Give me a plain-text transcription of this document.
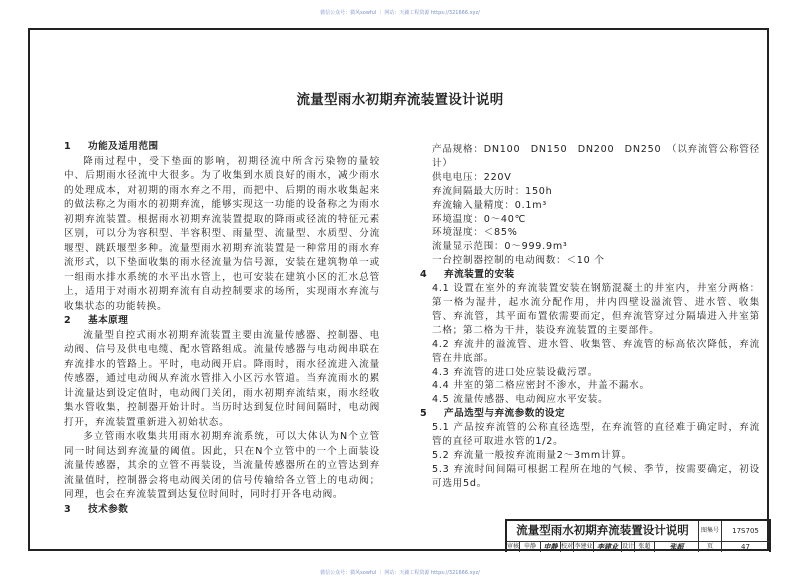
微信公众号：微风sowful ｜ 网站：天籁工程资源 https://321666.xyz/
流量型雨水初期弃流装置设计说明
1 功能及适用范围
降雨过程中，受下垫面的影响，初期径流中所含污染物的量较中、后期雨水径流中大很多。为了收集到水质良好的雨水，减少雨水的处理成本，对初期的雨水弃之不用，而把中、后期的雨水收集起来的做法称之为雨水的初期弃流，能够实现这一功能的设备称之为雨水初期弃流装置。根据雨水初期弃流装置提取的降雨或径流的特征元素区别，可以分为容积型、半容积型、雨量型、流量型、水质型、分流堰型、跳跃堰型多种。流量型雨水初期弃流装置是一种常用的雨水弃流形式，以下垫面收集的雨水径流量为信号源，安装在建筑物单一或一组雨水排水系统的水平出水管上，也可安装在建筑小区的汇水总管上，适用于对雨水初期弃流有自动控制要求的场所，实现雨水弃流与收集状态的功能转换。
2 基本原理
流量型自控式雨水初期弃流装置主要由流量传感器、控制器、电动阀、信号及供电电缆、配水管路组成。流量传感器与电动阀串联在弃流排水的管路上。平时，电动阀开启。降雨时，雨水径流进入流量传感器，通过电动阀从弃流水管排入小区污水管道。当弃流雨水的累计流量达到设定值时，电动阀门关闭，雨水初期弃流结束，雨水经收集水管收集，控制器开始计时。当历时达到复位时间间隔时，电动阀打开，弃流装置重新进入初始状态。
多立管雨水收集共用雨水初期弃流系统，可以大体认为N个立管同一时间达到弃流量的阈值。因此，只在N个立管中的一个上面装设流量传感器，其余的立管不再装设，当流量传感器所在的立管达到弃流量值时，控制器会将电动阀关闭的信号传输给各立管上的电动阀；同理，也会在弃流装置到达复位时间时，同时打开各电动阀。
3 技术参数
产品规格：DN100　DN150　DN200　DN250　（以弃流管公称管径计）
供电电压：220V
弃流间隔最大历时：150h
弃流输入量精度：0.1m³
环境温度：0～40℃
环境湿度：＜85%
流量显示范围：0～999.9m³
一台控制器控制的电动阀数：＜10 个
4 弃流装置的安装
4.1 设置在室外的弃流装置安装在钢筋混凝土的井室内，井室分两格：第一格为湿井，起水流分配作用，井内四壁设溢流管、进水管、收集管、弃流管，其平面布置依需要而定，但弃流管穿过分隔墙进入井室第二格；第二格为干井，装设弃流装置的主要部件。
4.2 弃流井的溢流管、进水管、收集管、弃流管的标高依次降低，弃流管在井底部。
4.3 弃流管的进口处应装设截污罩。
4.4 井室的第二格应密封不渗水，井盖不漏水。
4.5 流量传感器、电动阀应水平安装。
5 产品选型与弃流参数的设定
5.1 产品按弃流管的公称直径选型，在弃流管的直径难于确定时，弃流管的直径可取进水管的1/2。
5.2 弃流量一般按弃流雨量2～3mm计算。
5.3 弃流时间间隔可根据工程所在地的气候、季节，按需要确定，初设可选用5d。
流量型雨水初期弃流装置设计说明	图集号	17S705
审核 申静	申静 校对 李建业 李建业 设计 张超	张超	页	47
微信公众号：微风sowful ｜ 网站：天籁工程资源 https://321666.xyz/
